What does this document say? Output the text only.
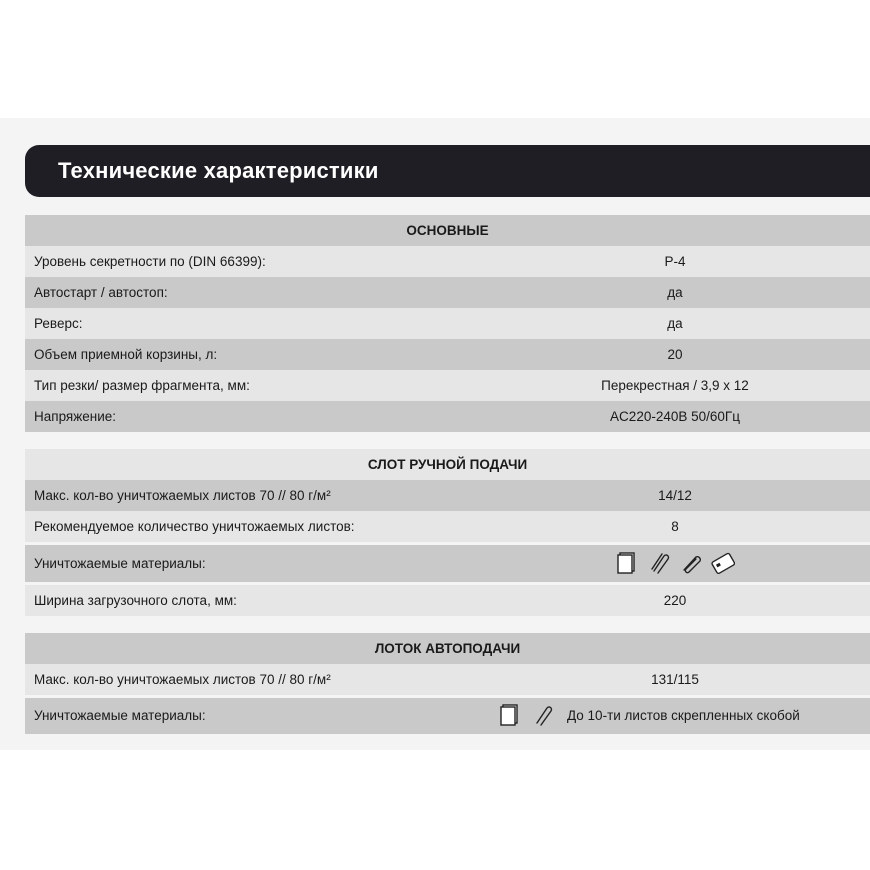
Технические характеристики
ОСНОВНЫЕ
Уровень секретности по (DIN 66399):	Р-4
Автостарт / автостоп:	да
Реверс:	да
Объем приемной корзины, л:	20
Тип резки/ размер фрагмента, мм:	Перекрестная / 3,9 х 12
Напряжение:	AC220-240B 50/60Гц
СЛОТ РУЧНОЙ ПОДАЧИ
Макс. кол-во уничтожаемых листов 70 // 80 г/м²	14/12
Рекомендуемое количество уничтожаемых листов:	8
Уничтожаемые материалы:
Ширина загрузочного слота, мм:	220
ЛОТОК АВТОПОДАЧИ
Макс. кол-во уничтожаемых листов 70 // 80 г/м²	131/115
Уничтожаемые материалы:	До 10-ти листов скрепленных скобой
